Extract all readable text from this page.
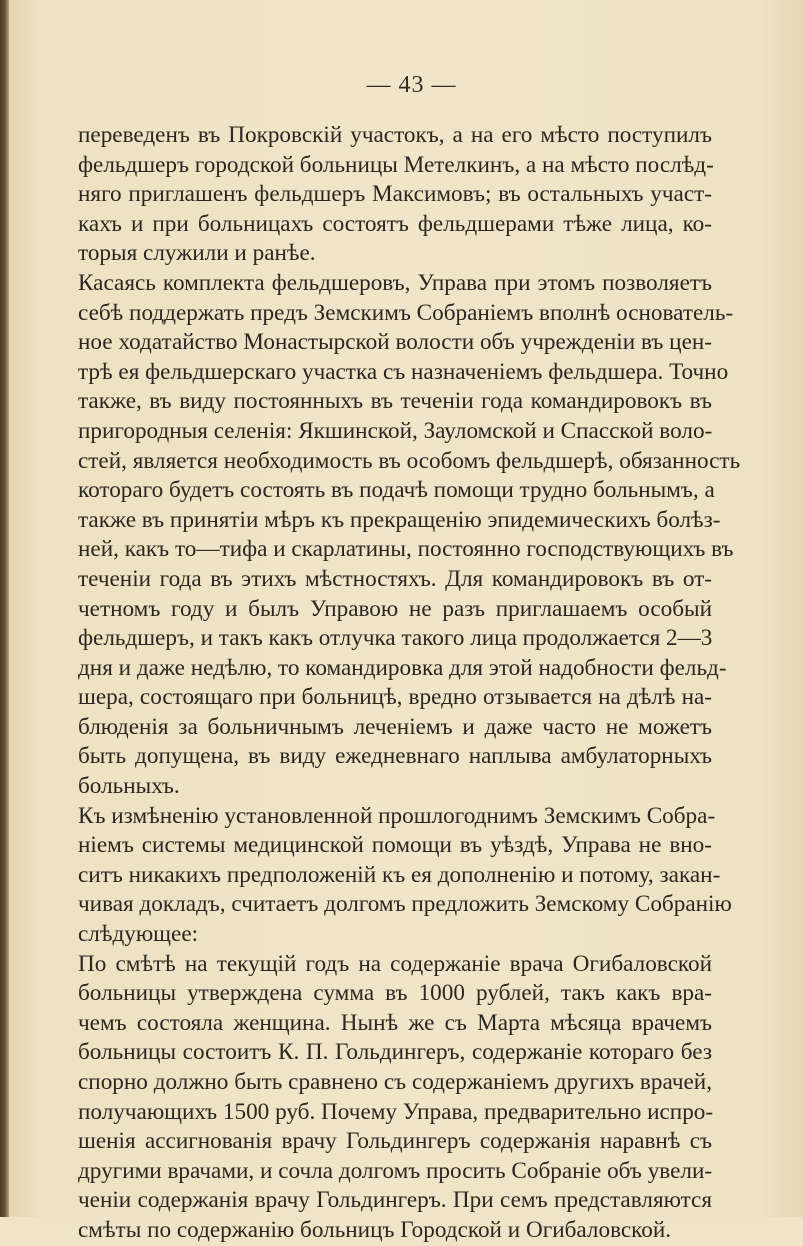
— 43 —
переведенъ въ Покровскій участокъ, а на его мѣсто поступилъ
фельдшеръ городской больницы Метелкинъ, а на мѣсто послѣд-
няго приглашенъ фельдшеръ Максимовъ; въ остальныхъ участ-
кахъ и при больницахъ состоятъ фельдшерами тѣже лица, ко-
торыя служили и ранѣе.
Касаясь комплекта фельдшеровъ, Управа при этомъ позволяетъ
себѣ поддержать предъ Земскимъ Собраніемъ вполнѣ основатель-
ное ходатайство Монастырской волости объ учрежденіи въ цен-
трѣ ея фельдшерскаго участка съ назначеніемъ фельдшера. Точно
также, въ виду постоянныхъ въ теченіи года командировокъ въ
пригородныя селенія: Якшинской, Зауломской и Спасской воло-
стей, является необходимость въ особомъ фельдшерѣ, обязанность
котораго будетъ состоять въ подачѣ помощи трудно больнымъ, а
также въ принятіи мѣръ къ прекращенію эпидемическихъ болѣз-
ней, какъ то—тифа и скарлатины, постоянно господствующихъ въ
теченіи года въ этихъ мѣстностяхъ. Для командировокъ въ от-
четномъ году и былъ Управою не разъ приглашаемъ особый
фельдшеръ, и такъ какъ отлучка такого лица продолжается 2—3
дня и даже недѣлю, то командировка для этой надобности фельд-
шера, состоящаго при больницѣ, вредно отзывается на дѣлѣ на-
блюденія за больничнымъ леченіемъ и даже часто не можетъ
быть допущена, въ виду ежедневнаго наплыва амбулаторныхъ
больныхъ.
Къ измѣненію установленной прошлогоднимъ Земскимъ Собра-
ніемъ системы медицинской помощи въ уѣздѣ, Управа не вно-
ситъ никакихъ предположеній къ ея дополненію и потому, закан-
чивая докладъ, считаетъ долгомъ предложить Земскому Собранію
слѣдующее:
По смѣтѣ на текущій годъ на содержаніе врача Огибаловской
больницы утверждена сумма въ 1000 рублей, такъ какъ вра-
чемъ состояла женщина. Нынѣ же съ Марта мѣсяца врачемъ
больницы состоитъ К. П. Гольдингеръ, содержаніе котораго без
спорно должно быть сравнено съ содержаніемъ другихъ врачей,
получающихъ 1500 руб. Почему Управа, предварительно испро-
шенія ассигнованія врачу Гольдингеръ содержанія наравнѣ съ
другими врачами, и сочла долгомъ просить Собраніе объ увели-
ченіи содержанія врачу Гольдингеръ. При семъ представляются
смѣты по содержанію больницъ Городской и Огибаловской.
